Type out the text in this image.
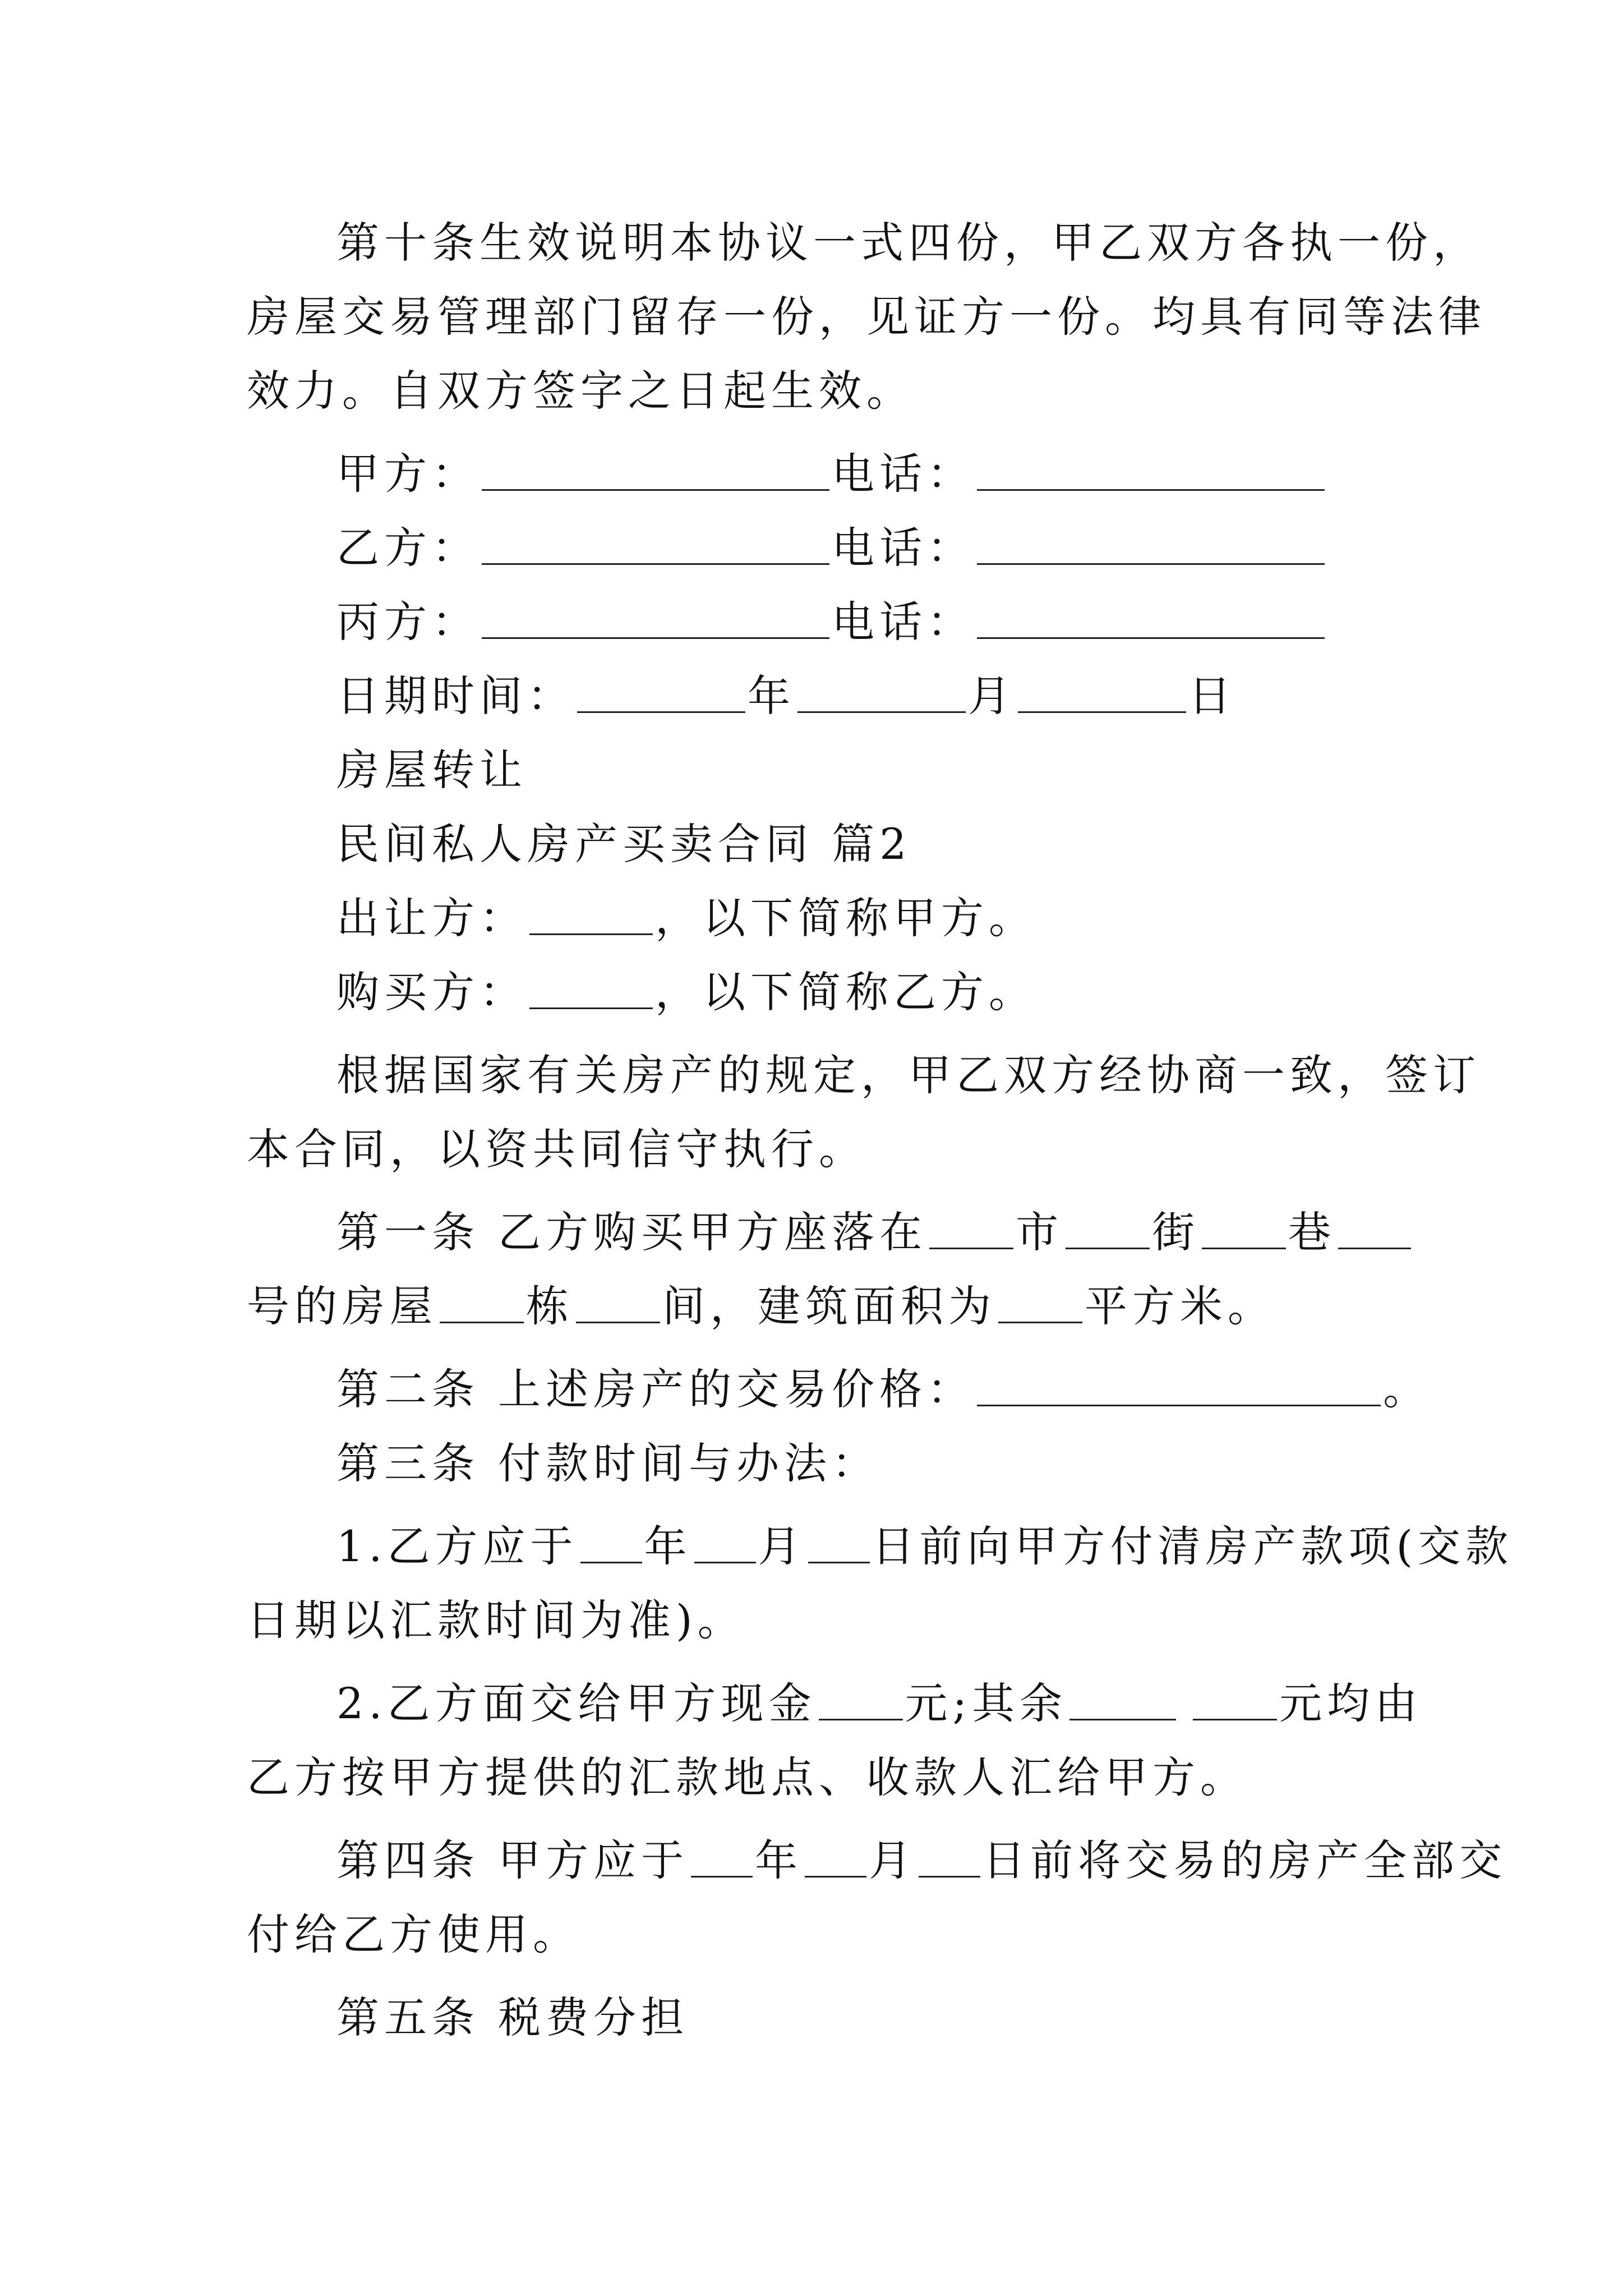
第十条生效说明本协议一式四份，甲乙双方各执一份，
房屋交易管理部门留存一份，见证方一份。均具有同等法律
效力。自双方签字之日起生效。
甲方：	电话：
乙方：	电话：
丙方：	电话：
日期时间：	年	月	日
房屋转让
民间私人房产买卖合同 篇2
出让方：	，以下简称甲方。
购买方：	，以下简称乙方。
根据国家有关房产的规定，甲乙双方经协商一致，签订
本合同，以资共同信守执行。
第一条 乙方购买甲方座落在 市 街 巷
号的房屋 栋 间，建筑面积为 平方米。
第二条 上述房产的交易价格：	。
第三条 付款时间与办法：
1.乙方应于 年 月 日前向甲方付清房产款项(交款
日期以汇款时间为准)。
2.乙方面交给甲方现金 元;其余	元均由
乙方按甲方提供的汇款地点、收款人汇给甲方。
第四条 甲方应于 年 月 日前将交易的房产全部交
付给乙方使用。
第五条 税费分担
